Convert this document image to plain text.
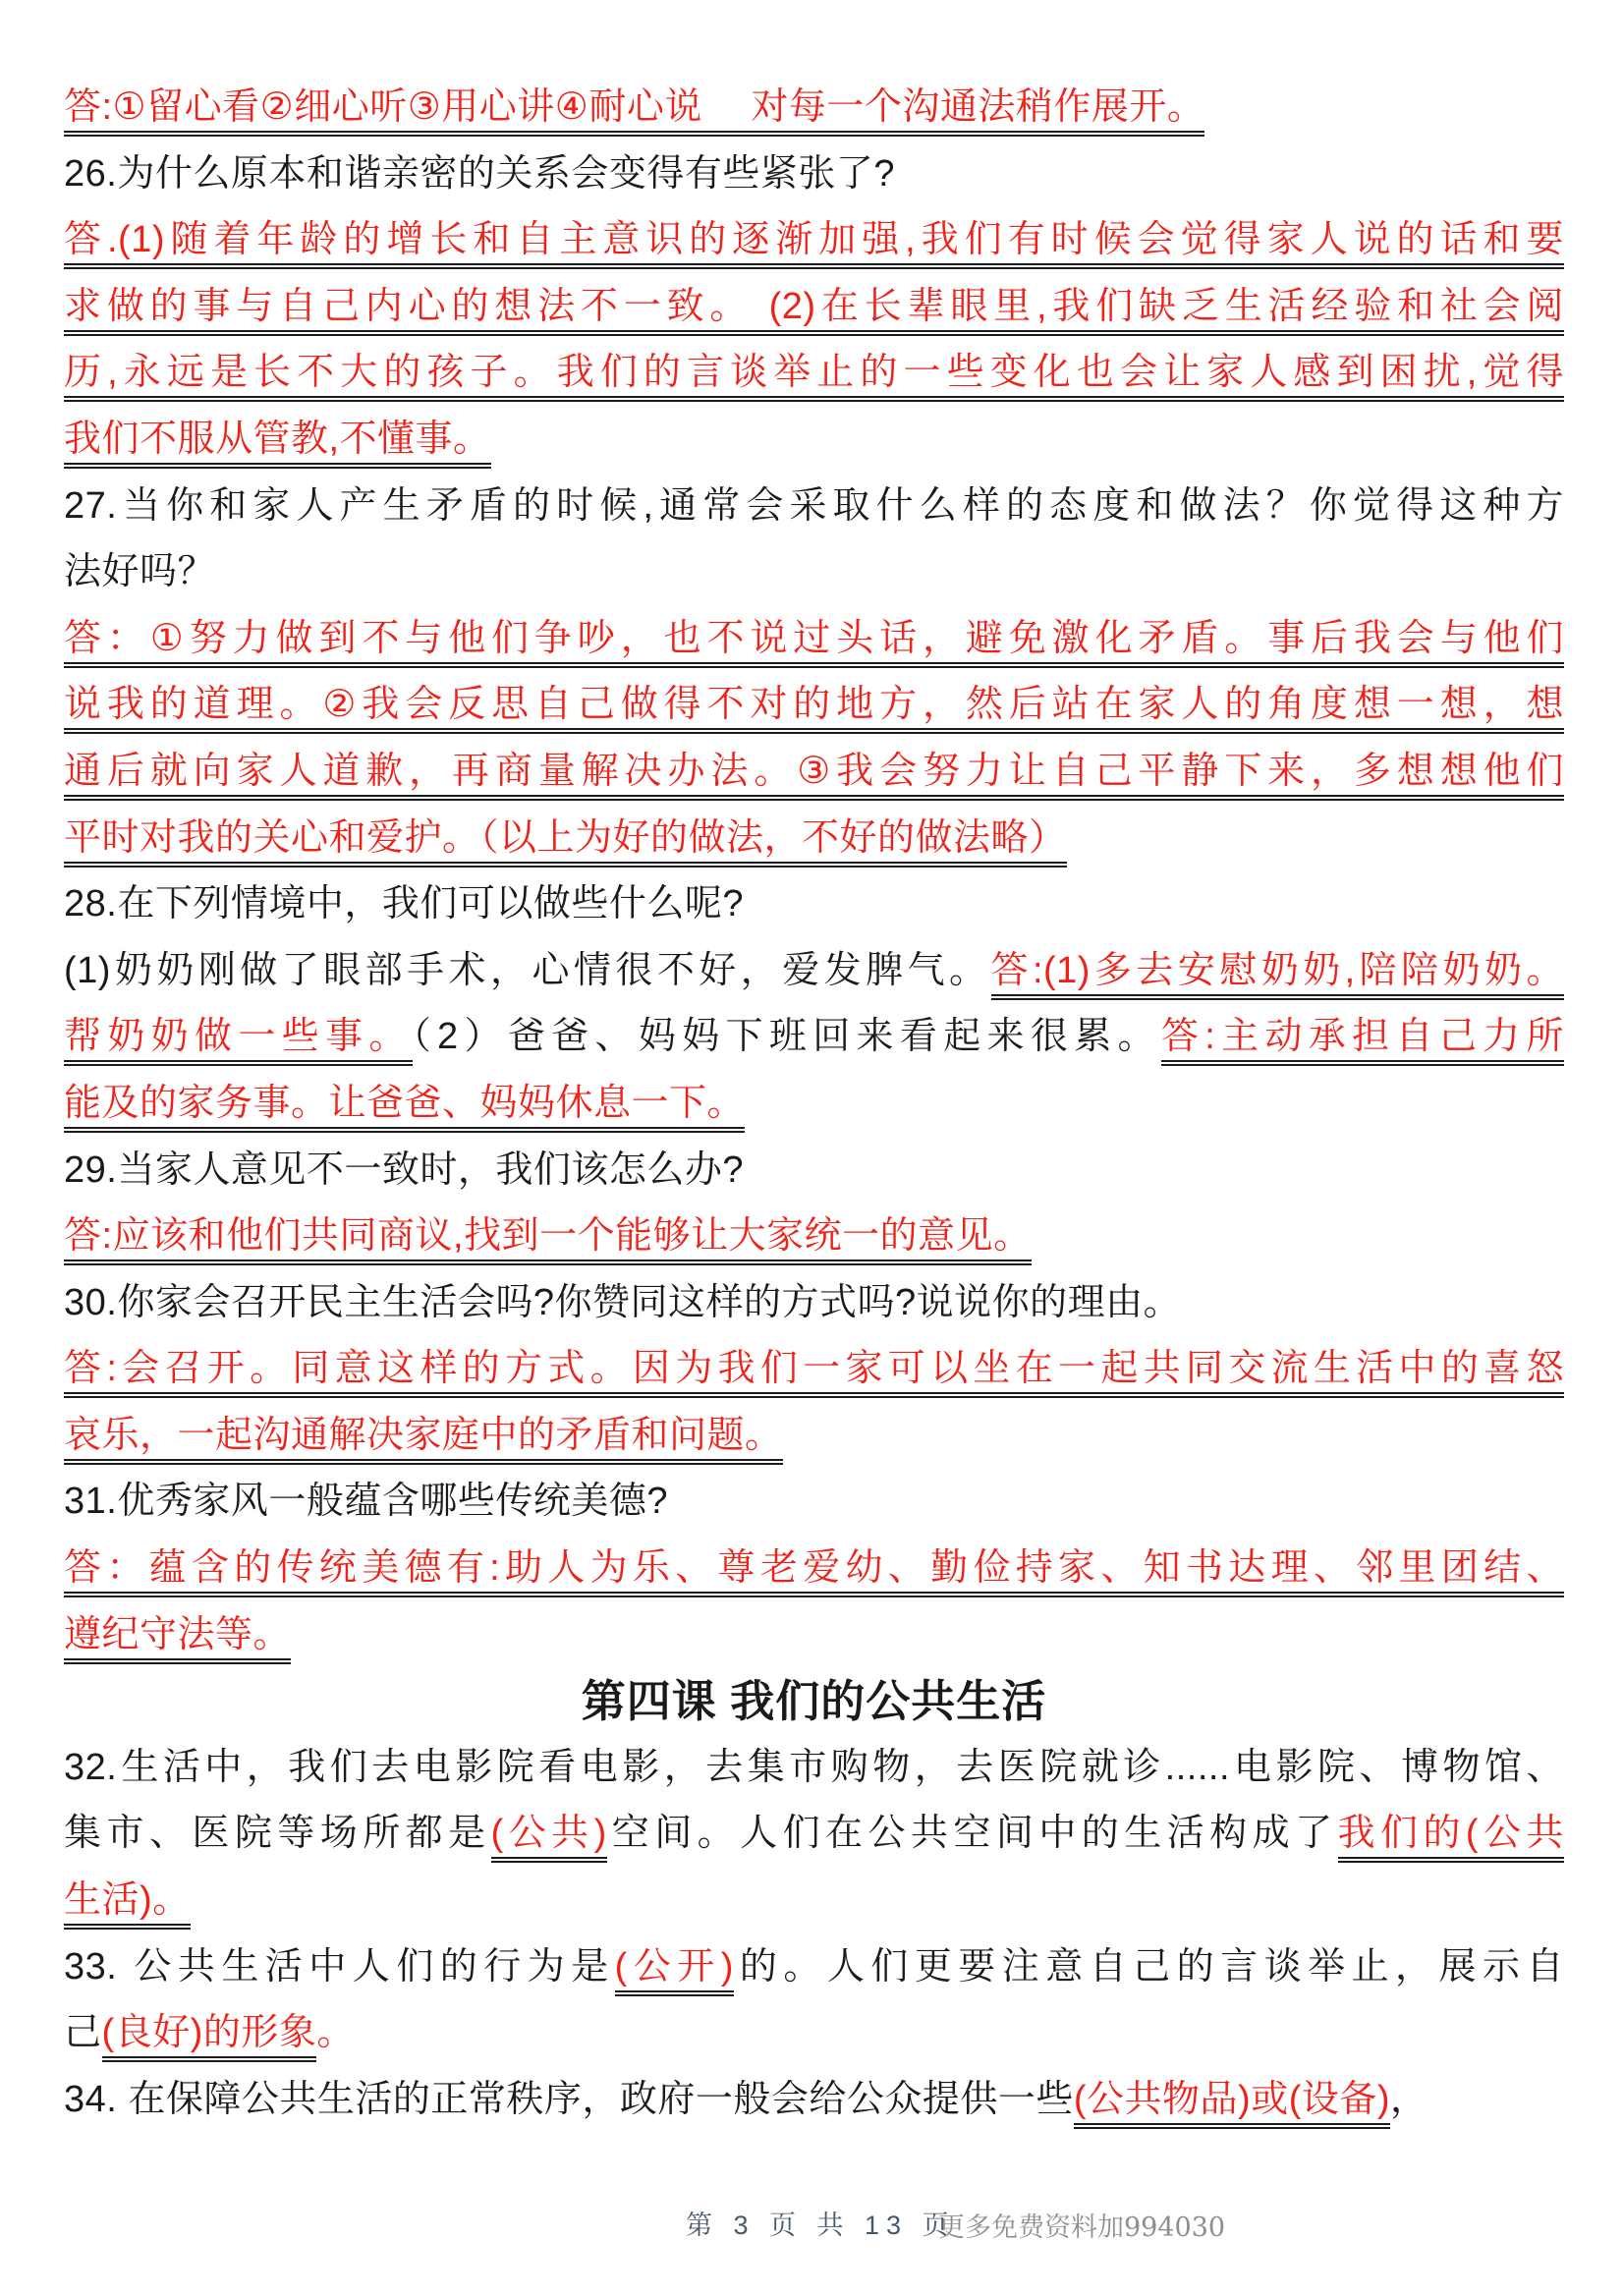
答:①留心看②细心听③用心讲④耐心说　 对每一个沟通法稍作展开。
26.为什么原本和谐亲密的关系会变得有些紧张了?
答.(1)随着年龄的增长和自主意识的逐渐加强,我们有时候会觉得家人说的话和要
求做的事与自己内心的想法不一致。 (2)在长辈眼里,我们缺乏生活经验和社会阅
历,永远是长不大的孩子。我们的言谈举止的一些变化也会让家人感到困扰,觉得
我们不服从管教,不懂事。
27.当你和家人产生矛盾的时候,通常会采取什么样的态度和做法？你觉得这种方
法好吗？
答：①努力做到不与他们争吵，也不说过头话，避免激化矛盾。事后我会与他们
说我的道理。②我会反思自己做得不对的地方，然后站在家人的角度想一想，想
通后就向家人道歉，再商量解决办法。③我会努力让自己平静下来，多想想他们
平时对我的关心和爱护。（以上为好的做法，不好的做法略）
28.在下列情境中，我们可以做些什么呢?
(1)奶奶刚做了眼部手术，心情很不好，爱发脾气。答:(1)多去安慰奶奶,陪陪奶奶。
帮奶奶做一些事。（2）爸爸、妈妈下班回来看起来很累。答:主动承担自己力所
能及的家务事。让爸爸、妈妈休息一下。
29.当家人意见不一致时，我们该怎么办?
答:应该和他们共同商议,找到一个能够让大家统一的意见。
30.你家会召开民主生活会吗?你赞同这样的方式吗?说说你的理由。
答:会召开。同意这样的方式。因为我们一家可以坐在一起共同交流生活中的喜怒
哀乐，一起沟通解决家庭中的矛盾和问题。
31.优秀家风一般蕴含哪些传统美德?
答：蕴含的传统美德有:助人为乐、尊老爱幼、勤俭持家、知书达理、邻里团结、
遵纪守法等。
第四课 我们的公共生活
32.生活中，我们去电影院看电影，去集市购物，去医院就诊......电影院、博物馆、
集市、医院等场所都是(公共)空间。人们在公共空间中的生活构成了我们的(公共
生活)。
33. 公共生活中人们的行为是(公开)的。人们更要注意自己的言谈举止，展示自
己(良好)的形象。
34. 在保障公共生活的正常秩序，政府一般会给公众提供一些(公共物品)或(设备)，
第 3 页 共 13 页
更多免费资料加994030
